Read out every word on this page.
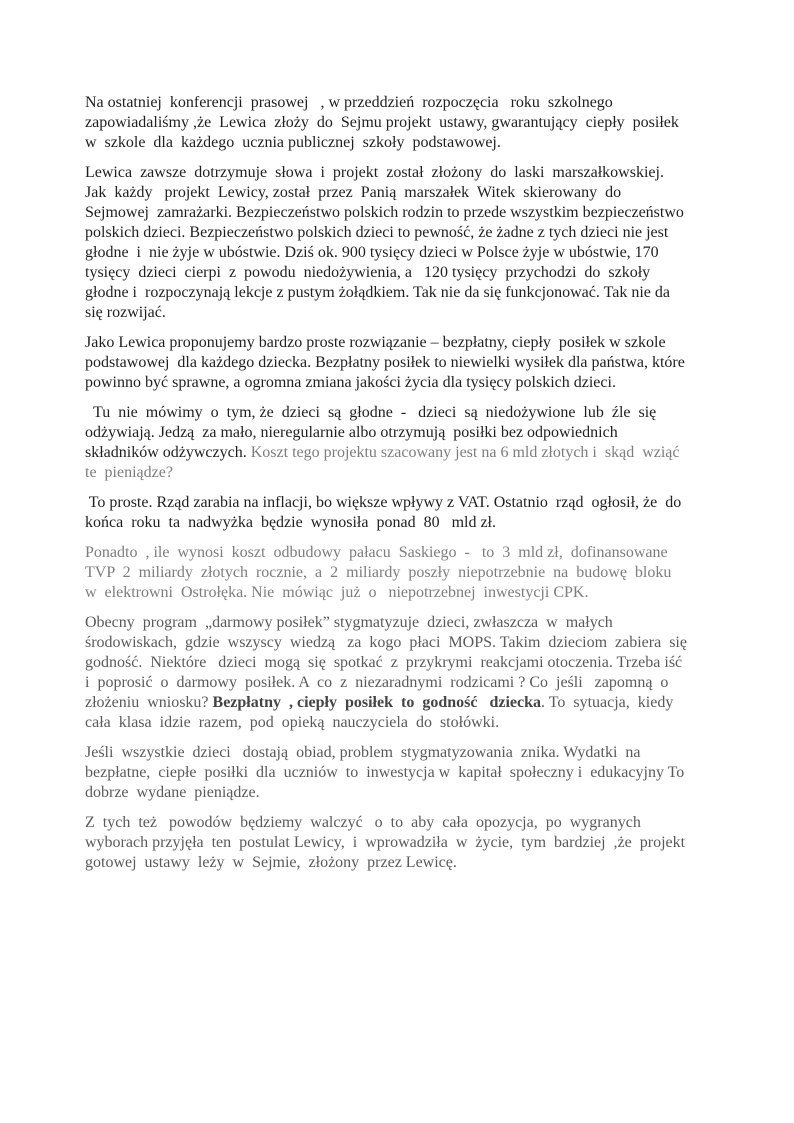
Na ostatniej  konferencji  prasowej   , w przeddzień  rozpoczęcia   roku  szkolnego
zapowiadaliśmy ,że  Lewica  złoży  do  Sejmu projekt  ustawy, gwarantujący  ciepły  posiłek
w  szkole  dla  każdego  ucznia publicznej  szkoły  podstawowej.
Lewica  zawsze  dotrzymuje  słowa  i  projekt  został  złożony  do  laski  marszałkowskiej.
Jak  każdy   projekt  Lewicy, został  przez  Panią  marszałek  Witek  skierowany  do
Sejmowej  zamrażarki. Bezpieczeństwo polskich rodzin to przede wszystkim bezpieczeństwo
polskich dzieci. Bezpieczeństwo polskich dzieci to pewność, że żadne z tych dzieci nie jest
głodne  i  nie żyje w ubóstwie. Dziś ok. 900 tysięcy dzieci w Polsce żyje w ubóstwie, 170
tysięcy  dzieci  cierpi  z  powodu  niedożywienia, a   120 tysięcy  przychodzi  do  szkoły
głodne i  rozpoczynają lekcje z pustym żołądkiem. Tak nie da się funkcjonować. Tak nie da
się rozwijać.
Jako Lewica proponujemy bardzo proste rozwiązanie – bezpłatny, ciepły  posiłek w szkole
podstawowej  dla każdego dziecka. Bezpłatny posiłek to niewielki wysiłek dla państwa, które
powinno być sprawne, a ogromna zmiana jakości życia dla tysięcy polskich dzieci.
Tu  nie  mówimy  o  tym, że  dzieci  są  głodne  -   dzieci  są  niedożywione  lub  źle  się
odżywiają. Jedzą  za mało, nieregularnie albo otrzymują  posiłki bez odpowiednich
składników odżywczych. Koszt tego projektu szacowany jest na 6 mld złotych i  skąd  wziąć
te  pieniądze?
To proste. Rząd zarabia na inflacji, bo większe wpływy z VAT. Ostatnio  rząd  ogłosił, że  do
końca  roku  ta  nadwyżka  będzie  wynosiła  ponad  80   mld zł.
Ponadto  , ile  wynosi  koszt  odbudowy  pałacu  Saskiego  -   to  3  mld zł,  dofinansowane
TVP  2  miliardy  złotych  rocznie,  a  2  miliardy  poszły  niepotrzebnie  na  budowę  bloku
w  elektrowni  Ostrołęka. Nie  mówiąc  już  o   niepotrzebnej  inwestycji CPK.
Obecny  program  „darmowy posiłek” stygmatyzuje  dzieci, zwłaszcza  w  małych
środowiskach,  gdzie  wszyscy  wiedzą   za  kogo  płaci  MOPS. Takim  dzieciom  zabiera  się
godność.  Niektóre   dzieci  mogą  się  spotkać  z  przykrymi  reakcjami otoczenia. Trzeba iść
i  poprosić  o  darmowy  posiłek. A  co  z  niezaradnymi  rodzicami ? Co  jeśli   zapomną  o
złożeniu  wniosku? Bezpłatny  , ciepły  posiłek  to  godność   dziecka. To  sytuacja,  kiedy
cała  klasa  idzie  razem,  pod  opieką  nauczyciela  do  stołówki.
Jeśli  wszystkie  dzieci   dostają  obiad, problem  stygmatyzowania  znika. Wydatki  na
bezpłatne,  ciepłe  posiłki  dla  uczniów  to  inwestycja w  kapitał  społeczny i  edukacyjny To
dobrze  wydane  pieniądze.
Z  tych  też   powodów  będziemy  walczyć   o  to  aby  cała  opozycja,  po  wygranych
wyborach przyjęła  ten  postulat Lewicy,  i  wprowadziła  w  życie,  tym  bardziej  ,że  projekt
gotowej  ustawy  leży  w  Sejmie,  złożony  przez Lewicę.
